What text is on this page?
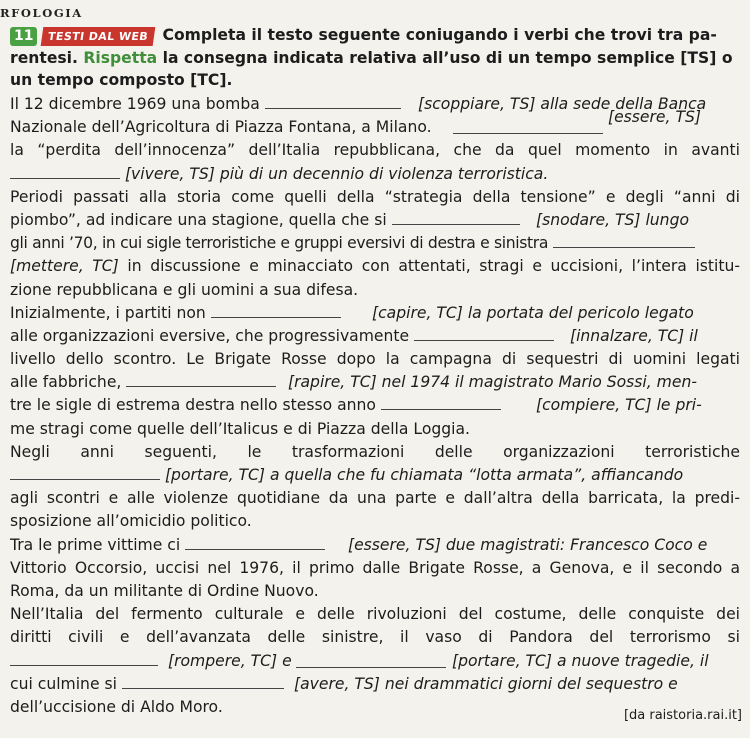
RFOLOGIA
11 TESTI DAL WEB Completa il testo seguente coniugando i verbi che trovi tra pa-
rentesi. Rispetta la consegna indicata relativa all’uso di un tempo semplice [TS] o
un tempo composto [TC].
Il 12 dicembre 1969 una bomba	[scoppiare, TS] alla sede della Banca
Nazionale dell’Agricoltura di Piazza Fontana, a Milano.
[essere, TS]
la “perdita dell’innocenza” dell’Italia repubblicana, che da quel momento in avanti
[vivere, TS] più di un decennio di violenza terroristica.
Periodi passati alla storia come quelli della “strategia della tensione” e degli “anni di
piombo”, ad indicare una stagione, quella che si	[snodare, TS] lungo
gli anni ’70, in cui sigle terroristiche e gruppi eversivi di destra e sinistra
[mettere, TC] in discussione e minacciato con attentati, stragi e uccisioni, l’intera istitu-
zione repubblicana e gli uomini a sua difesa.
Inizialmente, i partiti non	[capire, TC] la portata del pericolo legato
alle organizzazioni eversive, che progressivamente	[innalzare, TC] il
livello dello scontro. Le Brigate Rosse dopo la campagna di sequestri di uomini legati
alle fabbriche,	[rapire, TC] nel 1974 il magistrato Mario Sossi, men-
tre le sigle di estrema destra nello stesso anno	[compiere, TC] le pri-
me stragi come quelle dell’Italicus e di Piazza della Loggia.
Negli anni seguenti, le trasformazioni delle organizzazioni terroristiche
[portare, TC] a quella che fu chiamata “lotta armata”, affiancando
agli scontri e alle violenze quotidiane da una parte e dall’altra della barricata, la predi-
sposizione all’omicidio politico.
Tra le prime vittime ci	[essere, TS] due magistrati: Francesco Coco e
Vittorio Occorsio, uccisi nel 1976, il primo dalle Brigate Rosse, a Genova, e il secondo a
Roma, da un militante di Ordine Nuovo.
Nell’Italia del fermento culturale e delle rivoluzioni del costume, delle conquiste dei
diritti civili e dell’avanzata delle sinistre, il vaso di Pandora del terrorismo si
[rompere, TC] e	[portare, TC] a nuove tragedie, il
cui culmine si	[avere, TS] nei drammatici giorni del sequestro e
dell’uccisione di Aldo Moro.	[da raistoria.rai.it]
